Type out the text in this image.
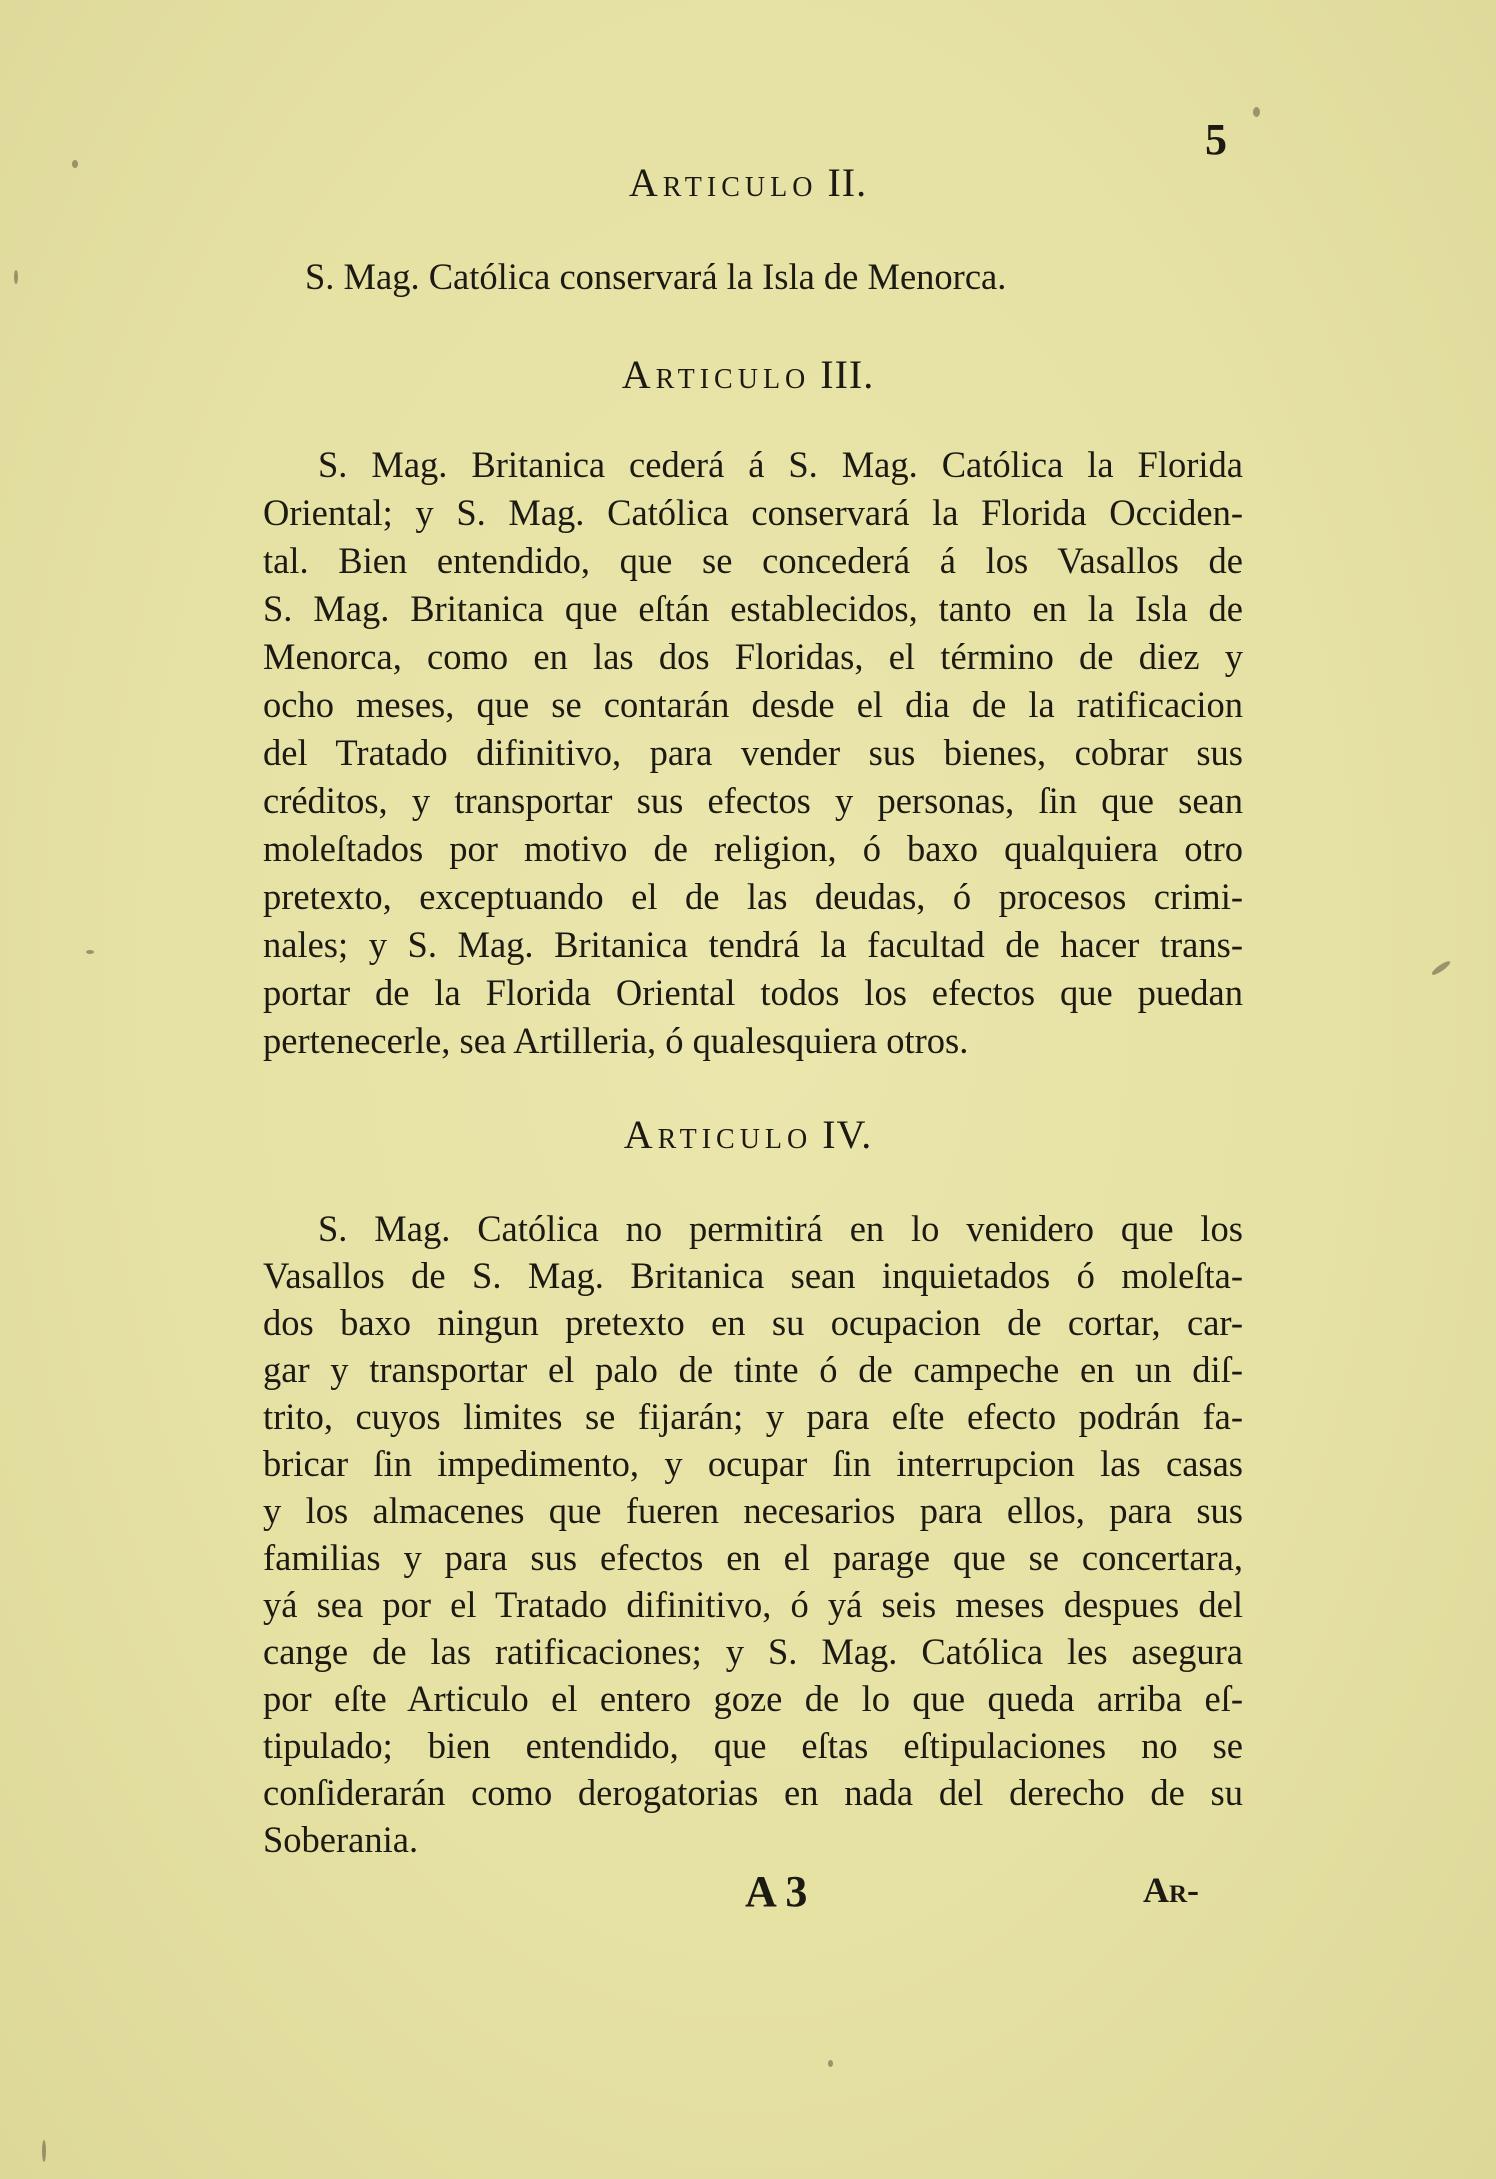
5
Articulo II.
S. Mag. Católica conservará la Isla de Menorca.
Articulo III.
S. Mag. Britanica cederá á S. Mag. Católica la Florida
Oriental; y S. Mag. Católica conservará la Florida Occiden-
tal. Bien entendido, que se concederá á los Vasallos de
S. Mag. Britanica que eſtán establecidos, tanto en la Isla de
Menorca, como en las dos Floridas, el término de diez y
ocho meses, que se contarán desde el dia de la ratificacion
del Tratado difinitivo, para vender sus bienes, cobrar sus
créditos, y transportar sus efectos y personas, ſin que sean
moleſtados por motivo de religion, ó baxo qualquiera otro
pretexto, exceptuando el de las deudas, ó procesos crimi-
nales; y S. Mag. Britanica tendrá la facultad de hacer trans-
portar de la Florida Oriental todos los efectos que puedan
pertenecerle, sea Artilleria, ó qualesquiera otros.
Articulo IV.
S. Mag. Católica no permitirá en lo venidero que los
Vasallos de S. Mag. Britanica sean inquietados ó moleſta-
dos baxo ningun pretexto en su ocupacion de cortar, car-
gar y transportar el palo de tinte ó de campeche en un diſ-
trito, cuyos limites se fijarán; y para eſte efecto podrán fa-
bricar ſin impedimento, y ocupar ſin interrupcion las casas
y los almacenes que fueren necesarios para ellos, para sus
familias y para sus efectos en el parage que se concertara,
yá sea por el Tratado difinitivo, ó yá seis meses despues del
cange de las ratificaciones; y S. Mag. Católica les asegura
por eſte Articulo el entero goze de lo que queda arriba eſ-
tipulado; bien entendido, que eſtas eſtipulaciones no se
conſiderarán como derogatorias en nada del derecho de su
Soberania.
A 3	Ar-
